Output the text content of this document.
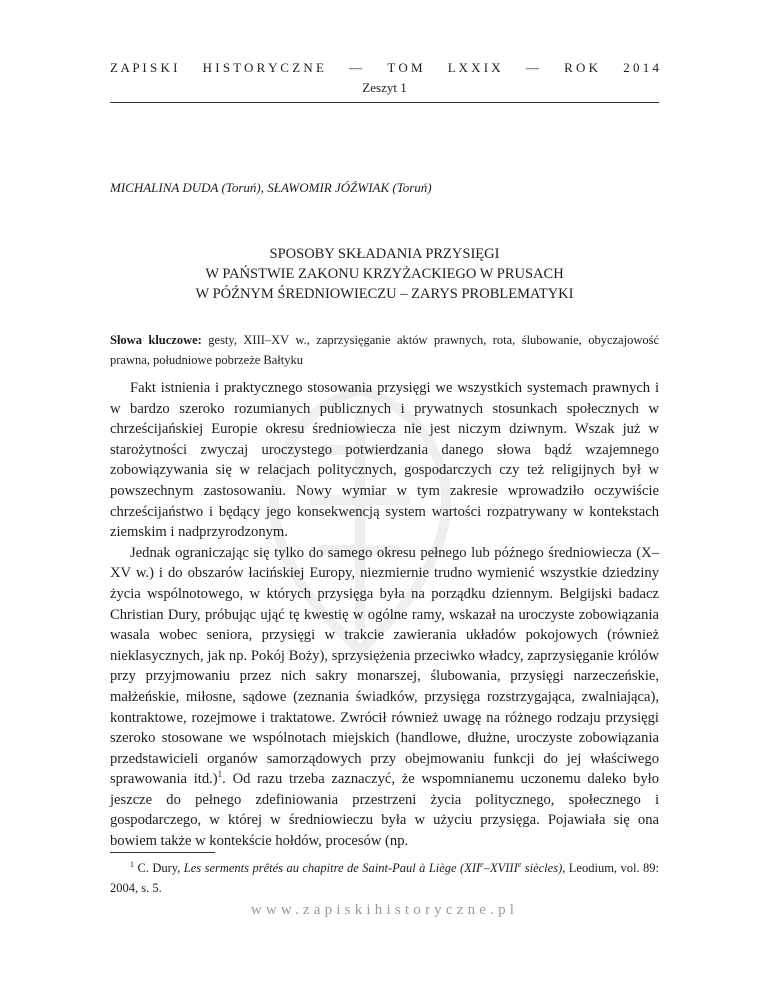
Z A P I S K I H I S T O R Y C Z N E — T O M L X X I X — R O K 2 0 1 4
Zeszyt 1
MICHALINA DUDA (Toruń), SŁAWOMIR JÓŹWIAK (Toruń)
SPOSOBY SKŁADANIA PRZYSIĘGI
W PAŃSTWIE ZAKONU KRZYŻACKIEGO W PRUSACH
W PÓŹNYM ŚREDNIOWIECZU – ZARYS PROBLEMATYKI
Słowa kluczowe: gesty, XIII–XV w., zaprzysięganie aktów prawnych, rota, ślubowanie, obyczajowość prawna, południowe pobrzeże Bałtyku

Fakt istnienia i praktycznego stosowania przysięgi we wszystkich systemach prawnych i w bardzo szeroko rozumianych publicznych i prywatnych stosunkach społecznych w chrześcijańskiej Europie okresu średniowiecza nie jest niczym dziwnym. Wszak już w starożytności zwyczaj uroczystego potwierdzania danego słowa bądź wzajemnego zobowiązywania się w relacjach politycznych, gospodarczych czy też religijnych był w powszechnym zastosowaniu. Nowy wymiar w tym zakresie wprowadziło oczywiście chrześcijaństwo i będący jego konsekwencją system wartości rozpatrywany w kontekstach ziemskim i nadprzyrodzonym.

Jednak ograniczając się tylko do samego okresu pełnego lub późnego średniowiecza (X–XV w.) i do obszarów łacińskiej Europy, niezmiernie trudno wymienić wszystkie dziedziny życia wspólnotowego, w których przysięga była na porządku dziennym. Belgijski badacz Christian Dury, próbując ująć tę kwestię w ogólne ramy, wskazał na uroczyste zobowiązania wasala wobec seniora, przysięgi w trakcie zawierania układów pokojowych (również nieklasycznych, jak np. Pokój Boży), sprzysiężenia przeciwko władcy, zaprzysięganie królów przy przyjmowaniu przez nich sakry monarszej, ślubowania, przysięgi narzeczeńskie, małżeńskie, miłosne, sądowe (zeznania świadków, przysięga rozstrzygająca, zwalniająca), kontraktowe, rozejmowe i traktatowe. Zwrócił również uwagę na różnego rodzaju przysięgi szeroko stosowane we wspólnotach miejskich (handlowe, dłużne, uroczyste zobowiązania przedstawicieli organów samorządowych przy obejmowaniu funkcji do jej właściwego sprawowania itd.)$^1$. Od razu trzeba zaznaczyć, że wspomnianemu uczonemu daleko było jeszcze do pełnego zdefiniowania przestrzeni życia politycznego, społecznego i gospodarczego, w której w średniowieczu była w użyciu przysięga. Pojawiała się ona bowiem także w kontekście hołdów, procesów (np.

$^1$ C. Dury, Les serments prêtés au chapitre de Saint-Paul à Liège (XIIe–XVIIIe siècles), Leodium, vol. 89: 2004, s. 5.
www.zapiskihistoryczne.pl
